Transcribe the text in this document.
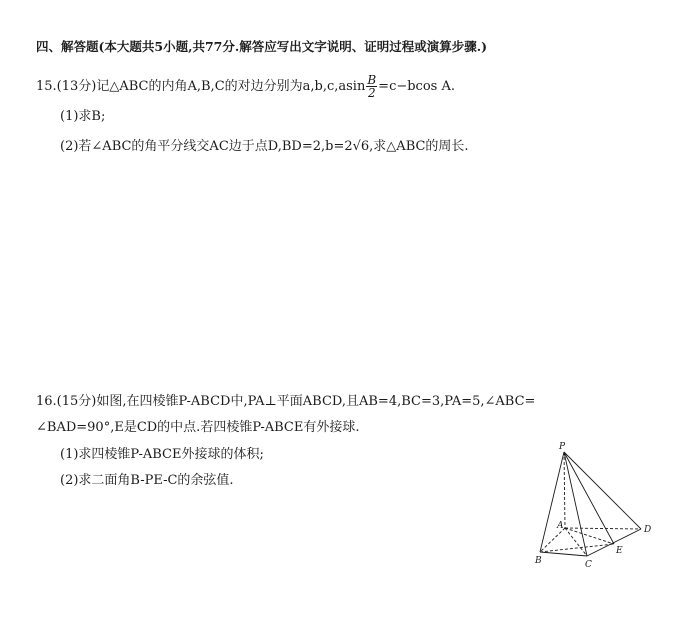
四、解答题(本大题共5小题,共77分.解答应写出文字说明、证明过程或演算步骤.)
15.(13分)记△ABC的内角A,B,C的对边分别为$a,b,c,asin \frac{B}{2} =c-bcos$ A.
(1)求B;
(2)若∠ABC的角平分线交AC边于点D,BD=2,b=2√6,求△ABC的周长.
16.(15分)如图,在四棱锥P-ABCD中,PA⊥平面ABCD,且AB=4,BC=3,PA=5,∠ABC=
∠BAD=90°,E是CD的中点.若四棱锥P-ABCE有外接球.
(1)求四棱锥P-ABCE外接球的体积;
(2)求二面角B-PE-C的余弦值.
P
A
B	C
D
E
